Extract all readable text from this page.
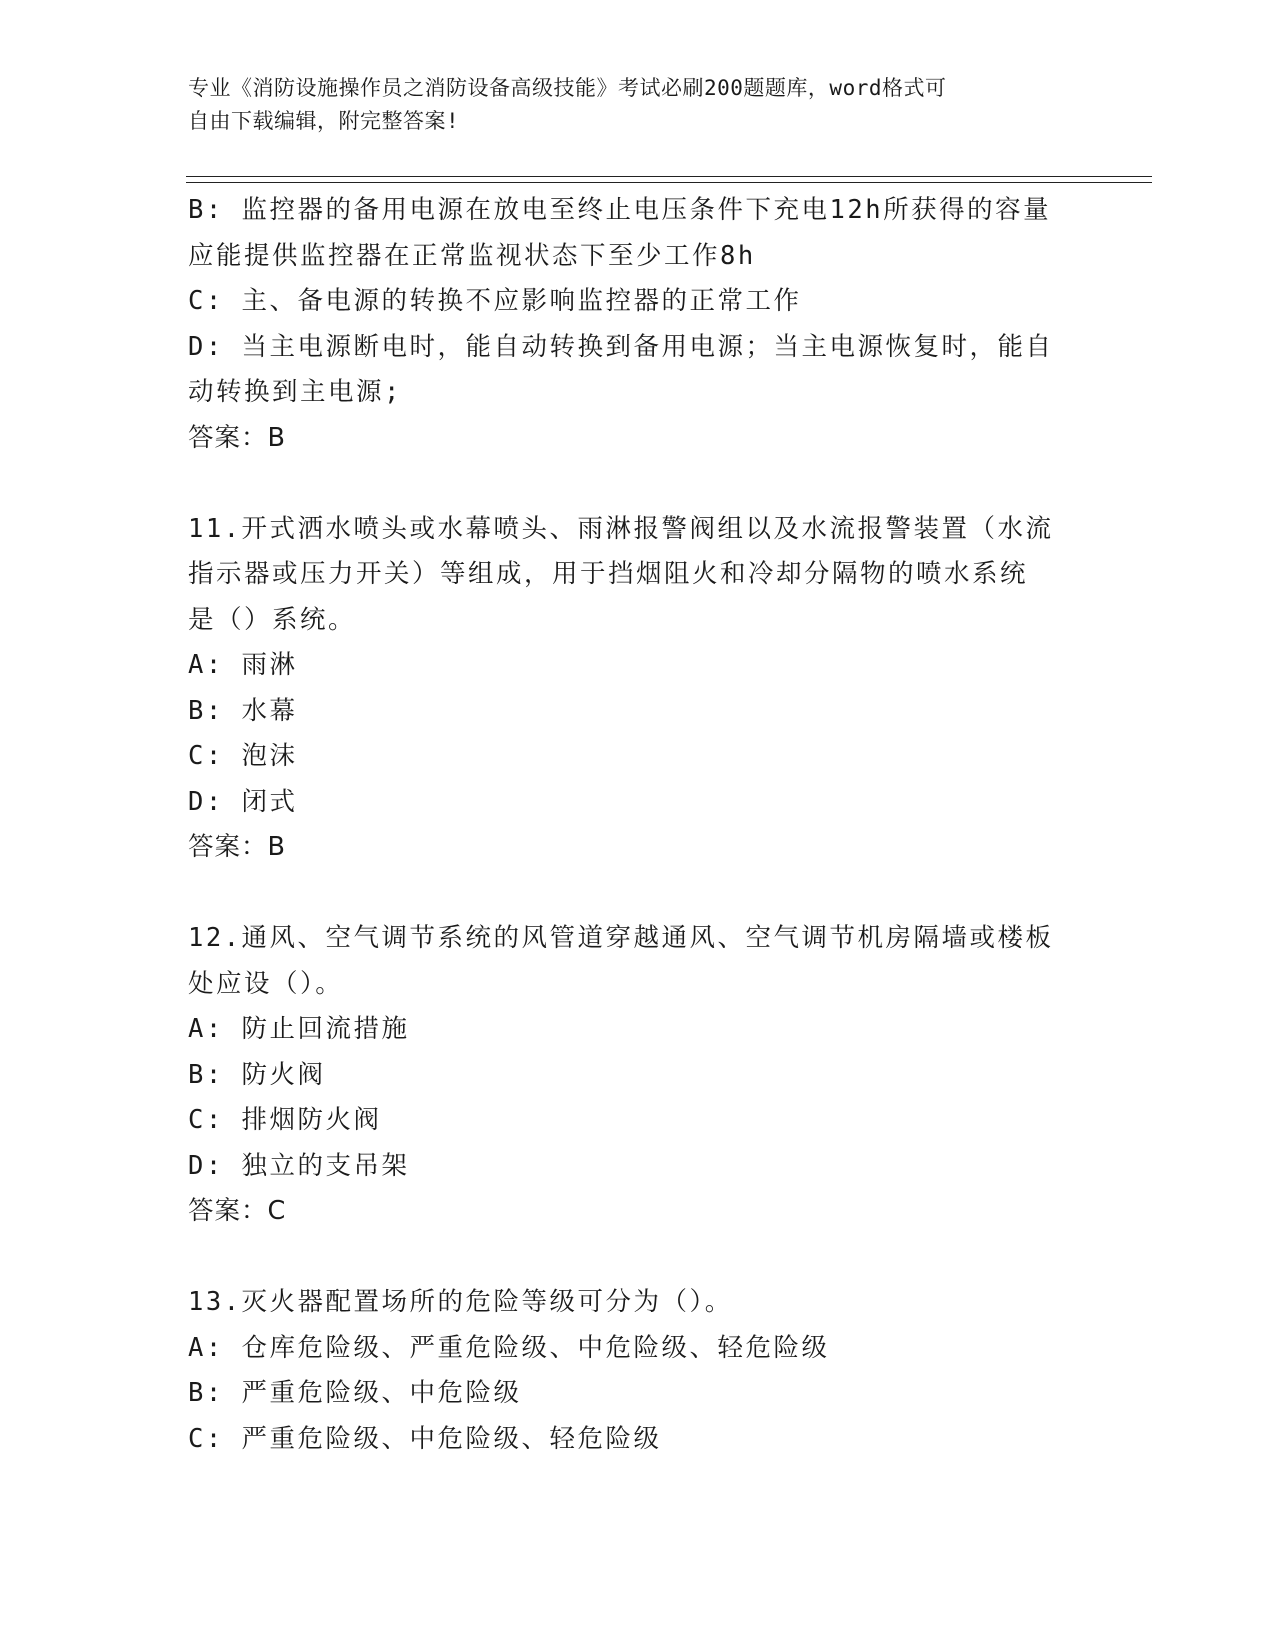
专业《消防设施操作员之消防设备高级技能》考试必刷200题题库，word格式可
自由下载编辑，附完整答案!
B: 监控器的备用电源在放电至终止电压条件下充电12h所获得的容量
应能提供监控器在正常监视状态下至少工作8h
C: 主、备电源的转换不应影响监控器的正常工作
D: 当主电源断电时，能自动转换到备用电源；当主电源恢复时，能自
动转换到主电源;
答案：B
11.开式洒水喷头或水幕喷头、雨淋报警阀组以及水流报警装置（水流
指示器或压力开关）等组成，用于挡烟阻火和冷却分隔物的喷水系统
是（）系统。
A: 雨淋
B: 水幕
C: 泡沫
D: 闭式
答案：B
12.通风、空气调节系统的风管道穿越通风、空气调节机房隔墙或楼板
处应设（）。
A: 防止回流措施
B: 防火阀
C: 排烟防火阀
D: 独立的支吊架
答案：C
13.灭火器配置场所的危险等级可分为（）。
A: 仓库危险级、严重危险级、中危险级、轻危险级
B: 严重危险级、中危险级
C: 严重危险级、中危险级、轻危险级
